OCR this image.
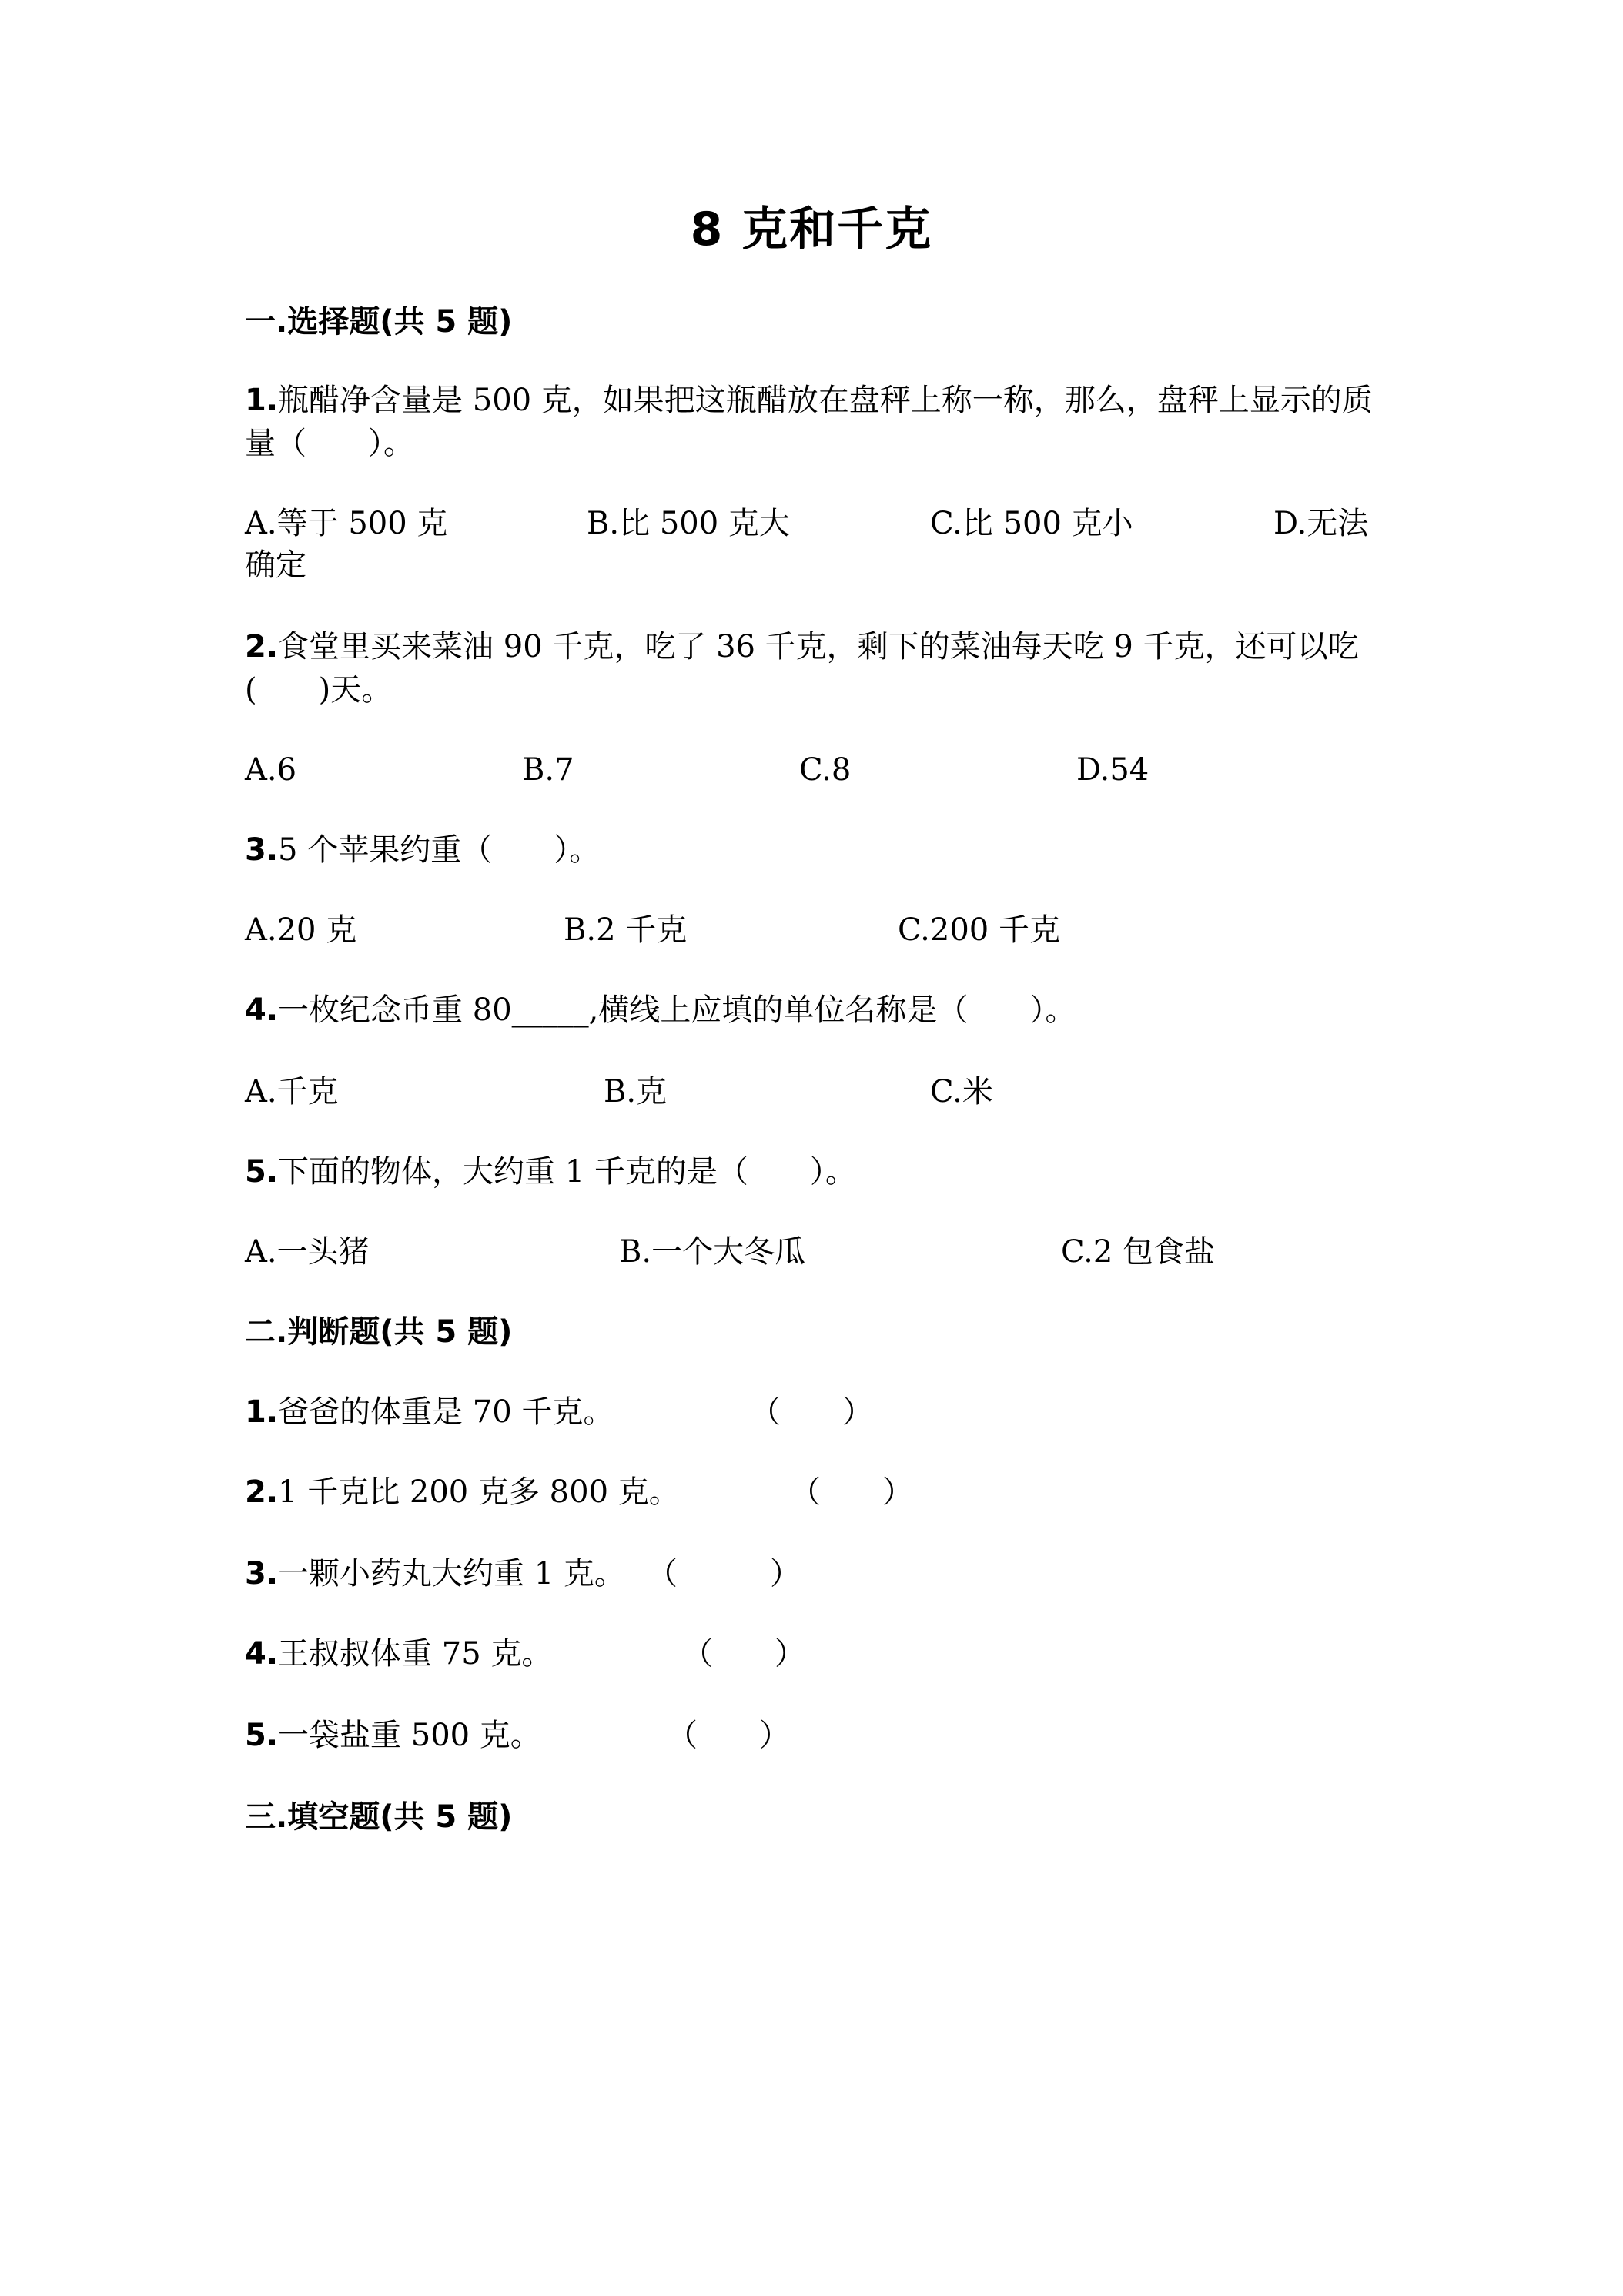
8 克和千克
一.选择题(共 5 题)
1.瓶醋净含量是 500 克，如果把这瓶醋放在盘秤上称一称，那么，盘秤上显示的质量（　　）。
A.等于 500 克	B.比 500 克大	C.比 500 克小	D.无法
确定
2.食堂里买来菜油 90 千克，吃了 36 千克，剩下的菜油每天吃 9 千克，还可以吃(　　)天。
A.6	B.7	C.8	D.54
3.5 个苹果约重（　　）。
A.20 克	B.2 千克	C.200 千克
4.一枚纪念币重 80_____,横线上应填的单位名称是（　　）。
A.千克	B.克	C.米
5.下面的物体，大约重 1 千克的是（　　）。
A.一头猪	B.一个大冬瓜	C.2 包食盐
二.判断题(共 5 题)
1.爸爸的体重是 70 千克。	（　　）
2.1 千克比 200 克多 800 克。	（　　）
3.一颗小药丸大约重 1 克。 （　　　）
4.王叔叔体重 75 克。	（　　）
5.一袋盐重 500 克。	（　　）
三.填空题(共 5 题)
